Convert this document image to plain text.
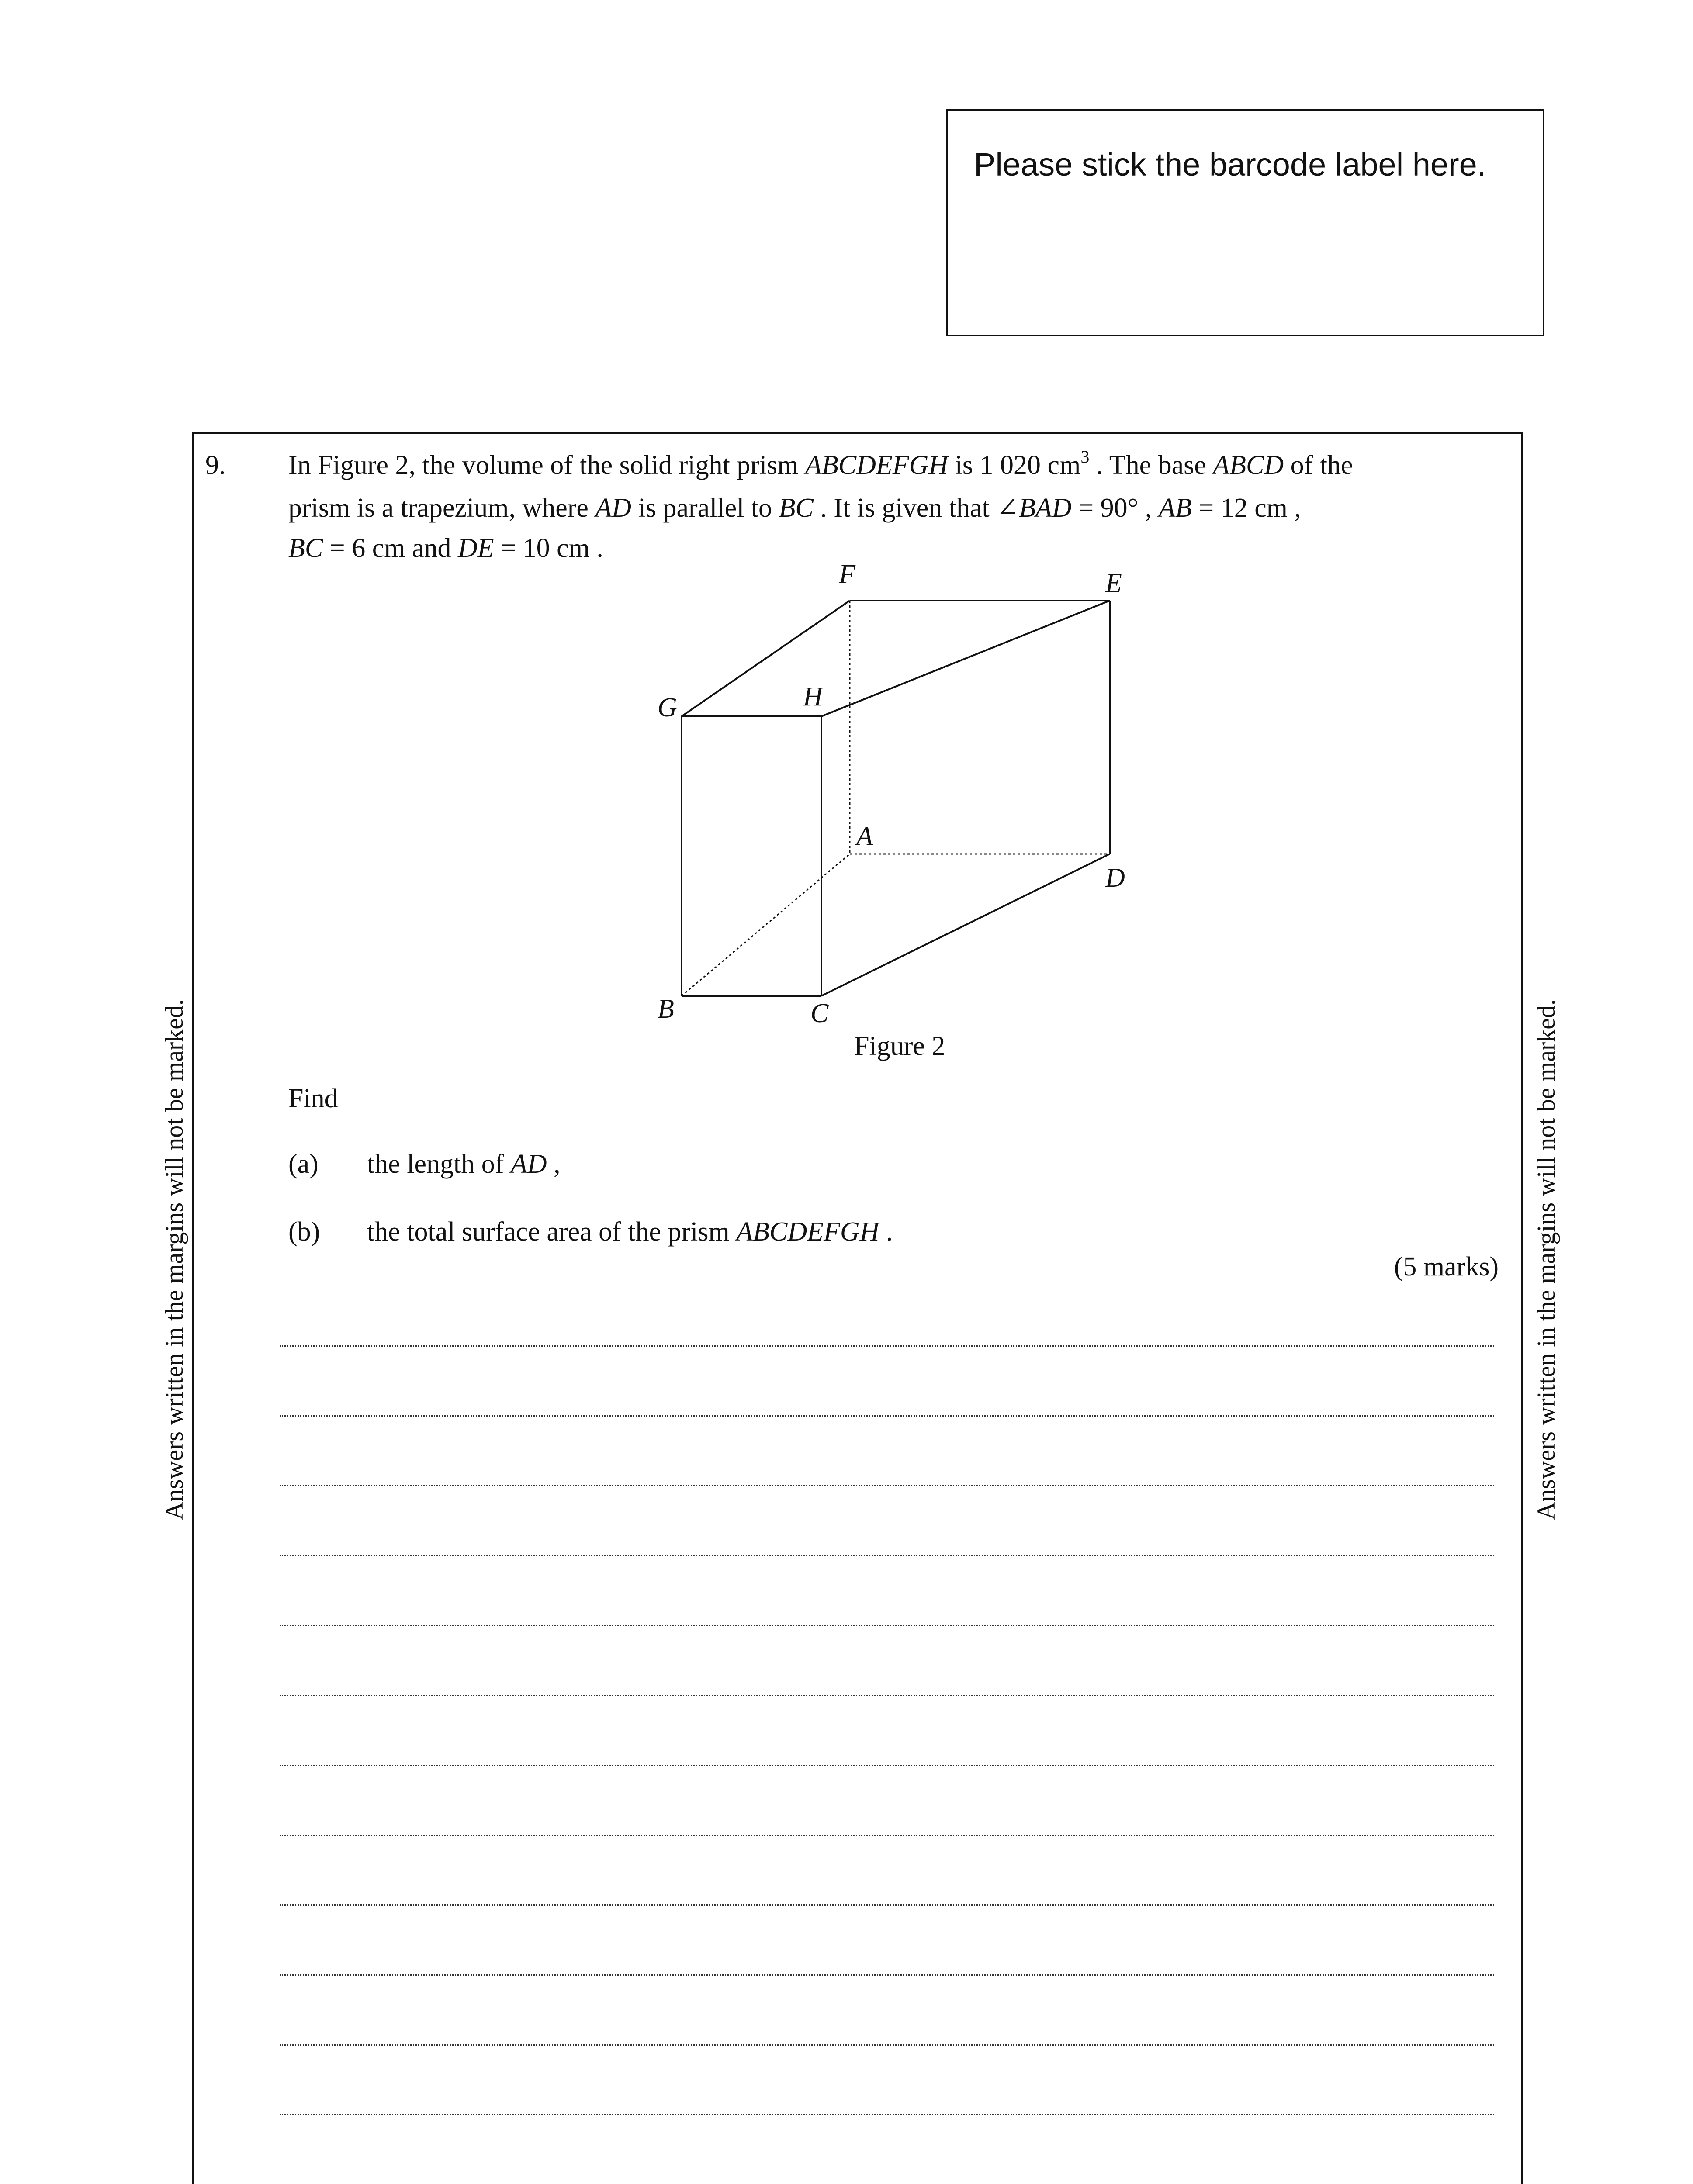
Please stick the barcode label here.
9. In Figure 2, the volume of the solid right prism ABCDEFGH is 1 020 $cm^3$ . The base ABCD of the
prism is a trapezium, where AD is parallel to BC . It is given that ∠BAD = 90° , AB = 12 cm ,
BC = 6 cm and DE = 10 cm .
F	E
G	H
A
D
B	C
Figure 2
Find
(a) the length of AD ,
(b) the total surface area of the prism ABCDEFGH .
(5 marks)
Answers written in the margins will not be marked.	Answers written in the margins will not be marked.
